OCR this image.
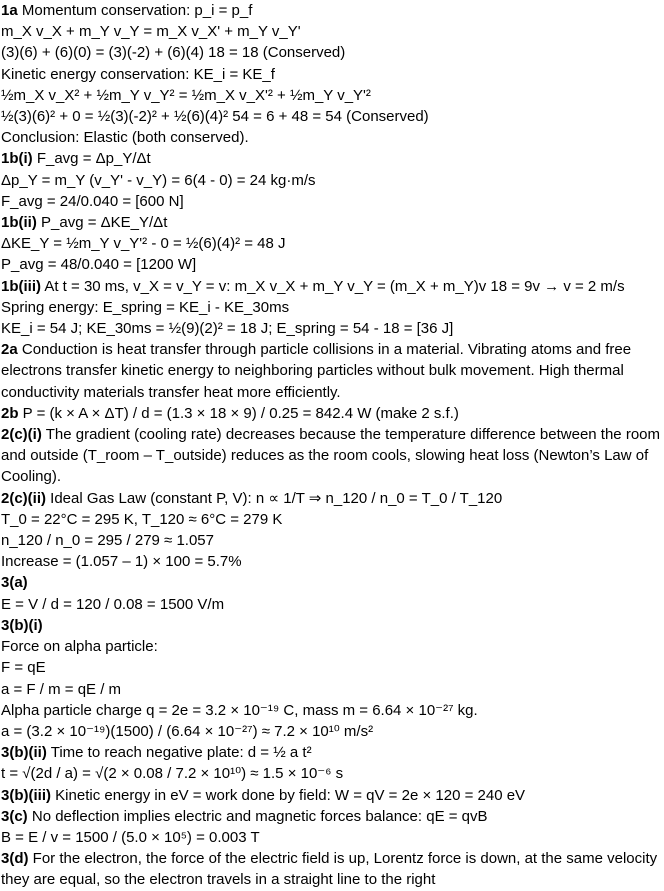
1a Momentum conservation: p_i = p_f
m_X v_X + m_Y v_Y = m_X v_X' + m_Y v_Y'
(3)(6) + (6)(0) = (3)(-2) + (6)(4) 18 = 18 (Conserved)
Kinetic energy conservation: KE_i = KE_f
½m_X v_X² + ½m_Y v_Y² = ½m_X v_X'² + ½m_Y v_Y'²
½(3)(6)² + 0 = ½(3)(-2)² + ½(6)(4)² 54 = 6 + 48 = 54 (Conserved)
Conclusion: Elastic (both conserved).
1b(i) F_avg = Δp_Y/Δt
Δp_Y = m_Y (v_Y' - v_Y) = 6(4 - 0) = 24 kg·m/s
F_avg = 24/0.040 = [600 N]
1b(ii) P_avg = ΔKE_Y/Δt
ΔKE_Y = ½m_Y v_Y'² - 0 = ½(6)(4)² = 48 J
P_avg = 48/0.040 = [1200 W]
1b(iii) At t = 30 ms, v_X = v_Y = v: m_X v_X + m_Y v_Y = (m_X + m_Y)v 18 = 9v → v = 2 m/s
Spring energy: E_spring = KE_i - KE_30ms
KE_i = 54 J; KE_30ms = ½(9)(2)² = 18 J; E_spring = 54 - 18 = [36 J]
2a Conduction is heat transfer through particle collisions in a material. Vibrating atoms and free electrons transfer kinetic energy to neighboring particles without bulk movement. High thermal conductivity materials transfer heat more efficiently.
2b P = (k × A × ΔT) / d = (1.3 × 18 × 9) / 0.25 = 842.4 W (make 2 s.f.)
2(c)(i) The gradient (cooling rate) decreases because the temperature difference between the room and outside (T_room – T_outside) reduces as the room cools, slowing heat loss (Newton’s Law of Cooling).
2(c)(ii) Ideal Gas Law (constant P, V): n ∝ 1/T ⇒ n_120 / n_0 = T_0 / T_120
T_0 = 22°C = 295 K, T_120 ≈ 6°C = 279 K
n_120 / n_0 = 295 / 279 ≈ 1.057
Increase = (1.057 – 1) × 100 = 5.7%
3(a)
E = V / d = 120 / 0.08 = 1500 V/m
3(b)(i)
Force on alpha particle:
F = qE
a = F / m = qE / m
Alpha particle charge q = 2e = 3.2 × 10⁻¹⁹ C, mass m = 6.64 × 10⁻²⁷ kg.
a = (3.2 × 10⁻¹⁹)(1500) / (6.64 × 10⁻²⁷) ≈ 7.2 × 10¹⁰ m/s²
3(b)(ii) Time to reach negative plate: d = ½ a t²
t = √(2d / a) = √(2 × 0.08 / 7.2 × 10¹⁰) ≈ 1.5 × 10⁻⁶ s
3(b)(iii) Kinetic energy in eV = work done by field: W = qV = 2e × 120 = 240 eV
3(c) No deflection implies electric and magnetic forces balance: qE = qvB
B = E / v = 1500 / (5.0 × 10⁵) = 0.003 T
3(d) For the electron, the force of the electric field is up, Lorentz force is down, at the same velocity they are equal, so the electron travels in a straight line to the right
